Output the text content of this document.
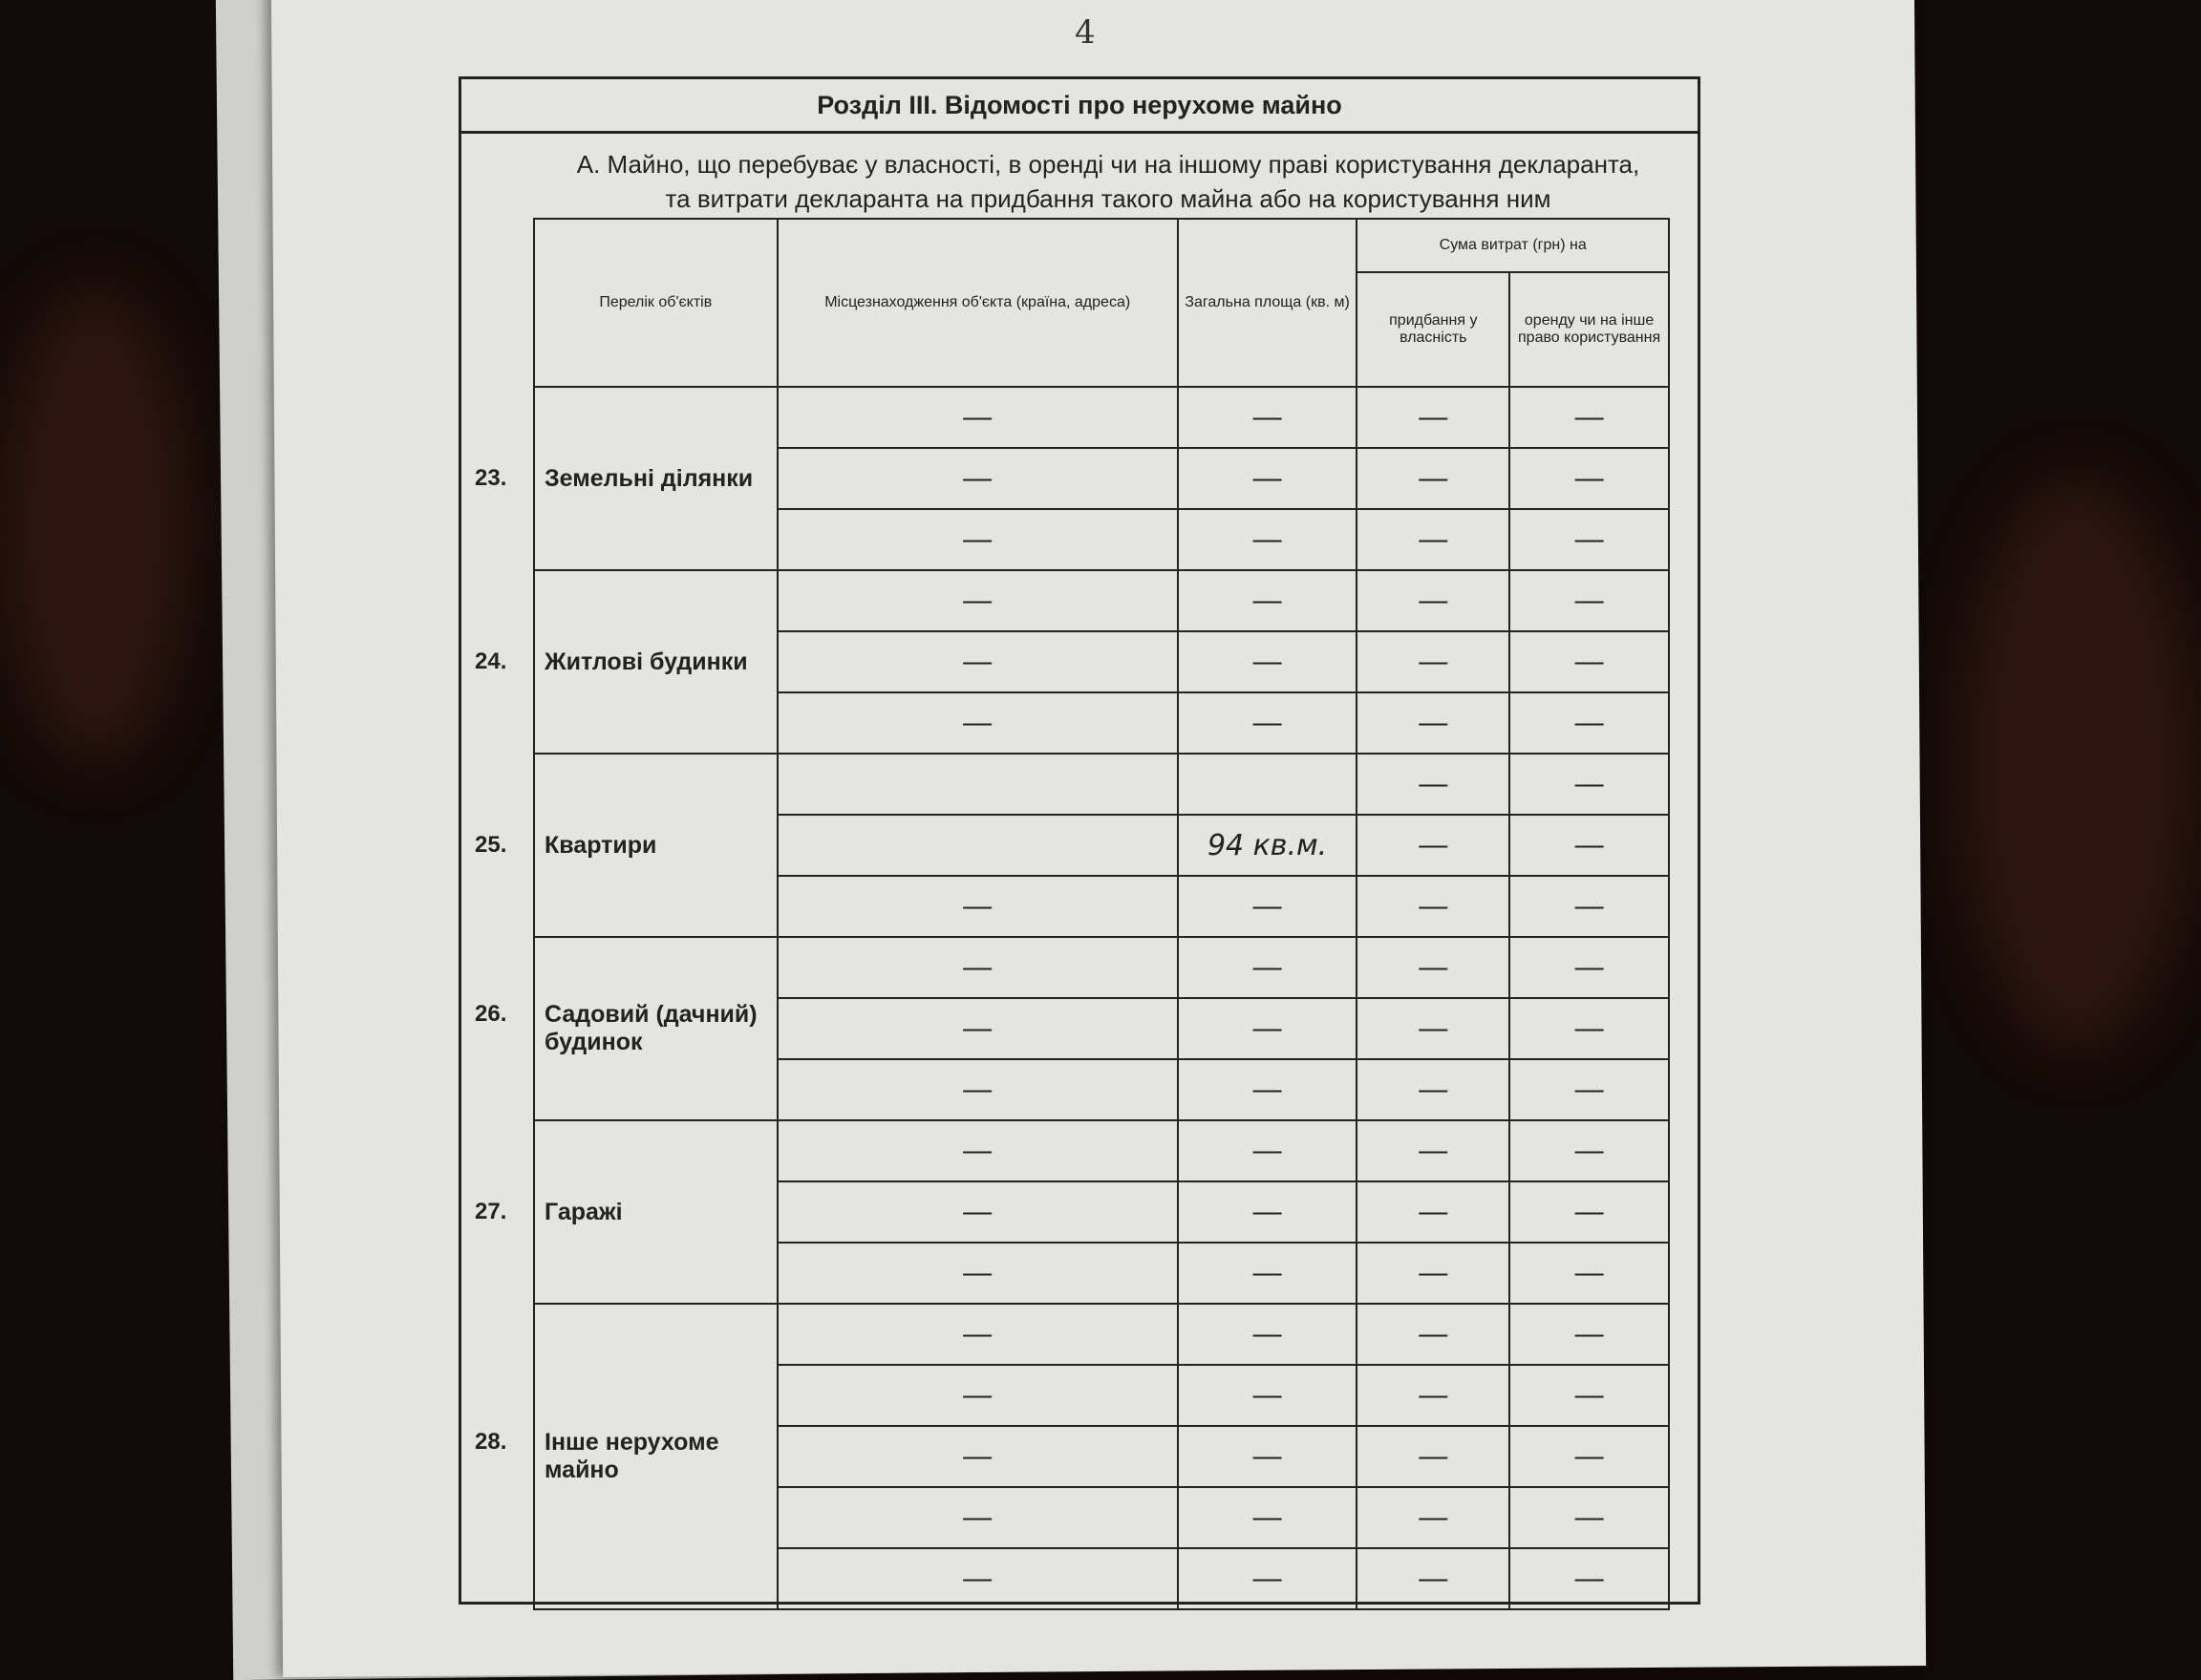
4
Розділ ІІІ. Відомості про нерухоме майно
А. Майно, що перебуває у власності, в оренді чи на іншому праві користування декларанта,
та витрати декларанта на придбання такого майна або на користування ним
Перелік об'єктів	Місцезнаходження об'єкта (країна, адреса)	Загальна площа (кв. м)	Сума витрат (грн) на	
			придбання у власність	оренду чи на інше право користування

23. Земельні ділянки	—	—	—	—
	—	—	—	—
	—	—	—	—

24. Житлові будинки	—	—	—	—
	—	—	—	—
	—	—	—	—

25. Квартири			—	—
		94 кв.м.	—	—
	—	—	—	—

26. Садовий (дачний) будинок	—	—	—	—
	—	—	—	—
	—	—	—	—

27. Гаражі	—	—	—	—
	—	—	—	—
	—	—	—	—

28. Інше нерухоме майно	—	—	—	—
	—	—	—	—
	—	—	—	—
	—	—	—	—
	—	—	—	—
